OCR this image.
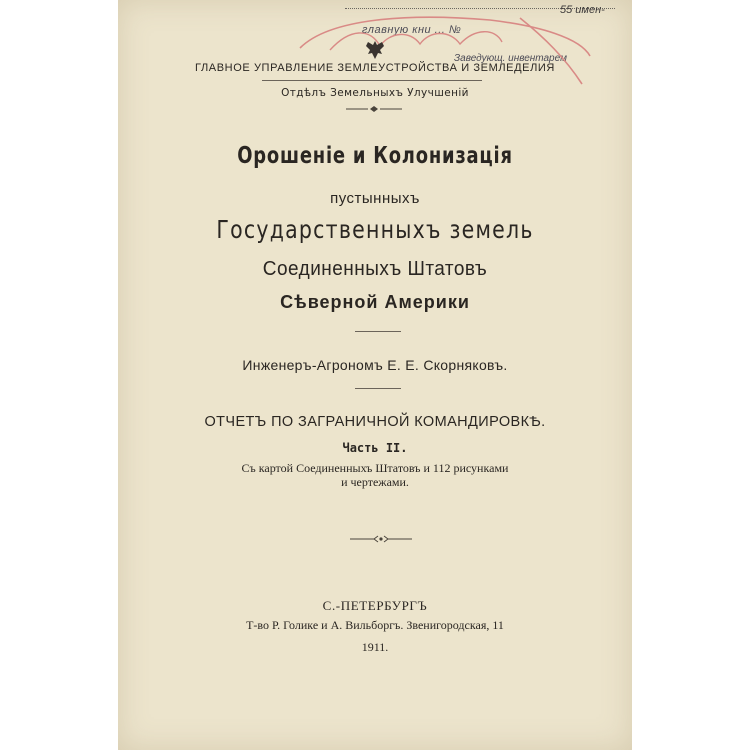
55 имен-
главную кни ... №
Заведующ. инвентарем
ГЛАВНОЕ УПРАВЛЕНИЕ ЗЕМЛЕУСТРОЙСТВА И ЗЕМЛЕДЕЛИЯ
Отдѣлъ Земельныхъ Улучшеній
Орошеніе и Колонизація
пустынныхъ
Государственныхъ земель
Соединенныхъ Штатовъ
Сѣверной Америки
Инженеръ-Агрономъ Е. Е. Скорняковъ.
ОТЧЕТЪ ПО ЗАГРАНИЧНОЙ КОМАНДИРОВКѢ.
Часть II.
Съ картой Соединенныхъ Штатовъ и 112 рисунками
и чертежами.
С.-ПЕТЕРБУРГЪ
Т-во Р. Голике и А. Вильборгъ. Звенигородская, 11
1911.
